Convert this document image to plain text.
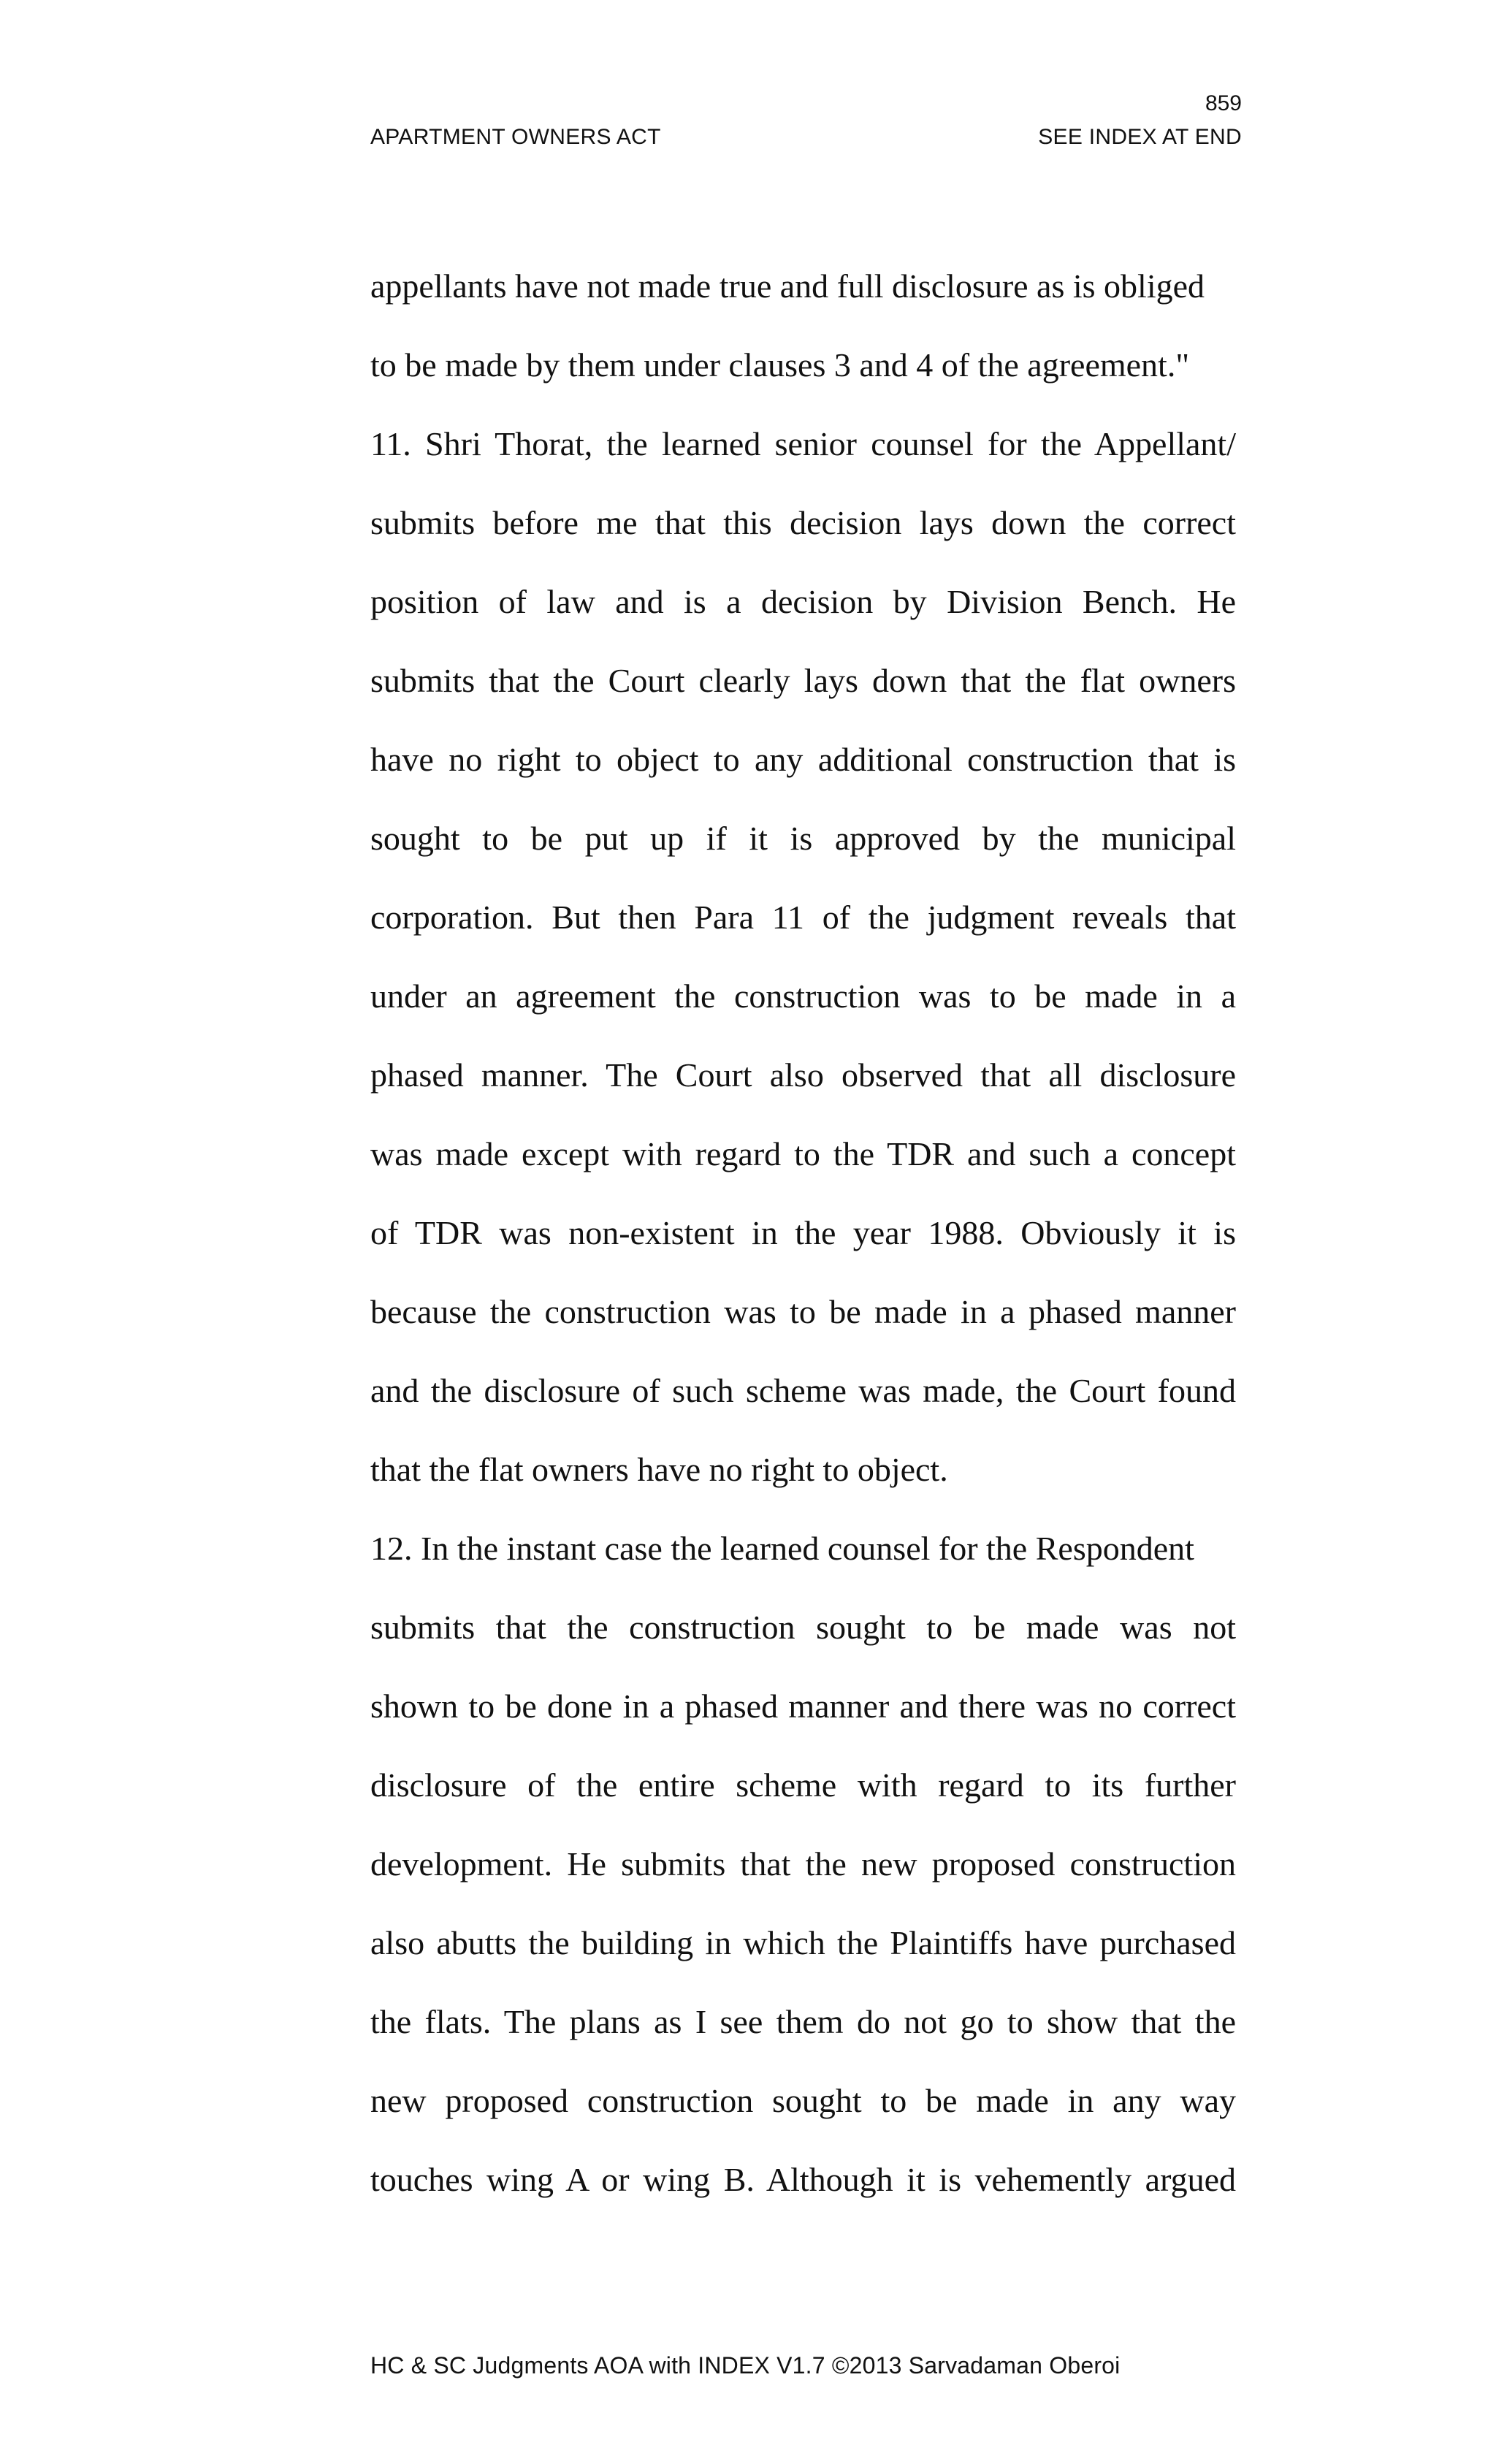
859
APARTMENT OWNERS ACT	SEE INDEX AT END
appellants have not made true and full disclosure as is obliged
to be made by them under clauses 3 and 4 of the agreement."
11. Shri Thorat, the learned senior counsel for the Appellant/
submits before me that this decision lays down the correct
position of law and is a decision by Division Bench. He
submits that the Court clearly lays down that the flat owners
have no right to object to any additional construction that is
sought to be put up if it is approved by the municipal
corporation. But then Para 11 of the judgment reveals that
under an agreement the construction was to be made in a
phased manner. The Court also observed that all disclosure
was made except with regard to the TDR and such a concept
of TDR was non-existent in the year 1988. Obviously it is
because the construction was to be made in a phased manner
and the disclosure of such scheme was made, the Court found
that the flat owners have no right to object.
12. In the instant case the learned counsel for the Respondent
submits that the construction sought to be made was not
shown to be done in a phased manner and there was no correct
disclosure of the entire scheme with regard to its further
development. He submits that the new proposed construction
also abutts the building in which the Plaintiffs have purchased
the flats. The plans as I see them do not go to show that the
new proposed construction sought to be made in any way
touches wing A or wing B. Although it is vehemently argued
HC & SC Judgments AOA with INDEX V1.7 ©2013 Sarvadaman Oberoi
